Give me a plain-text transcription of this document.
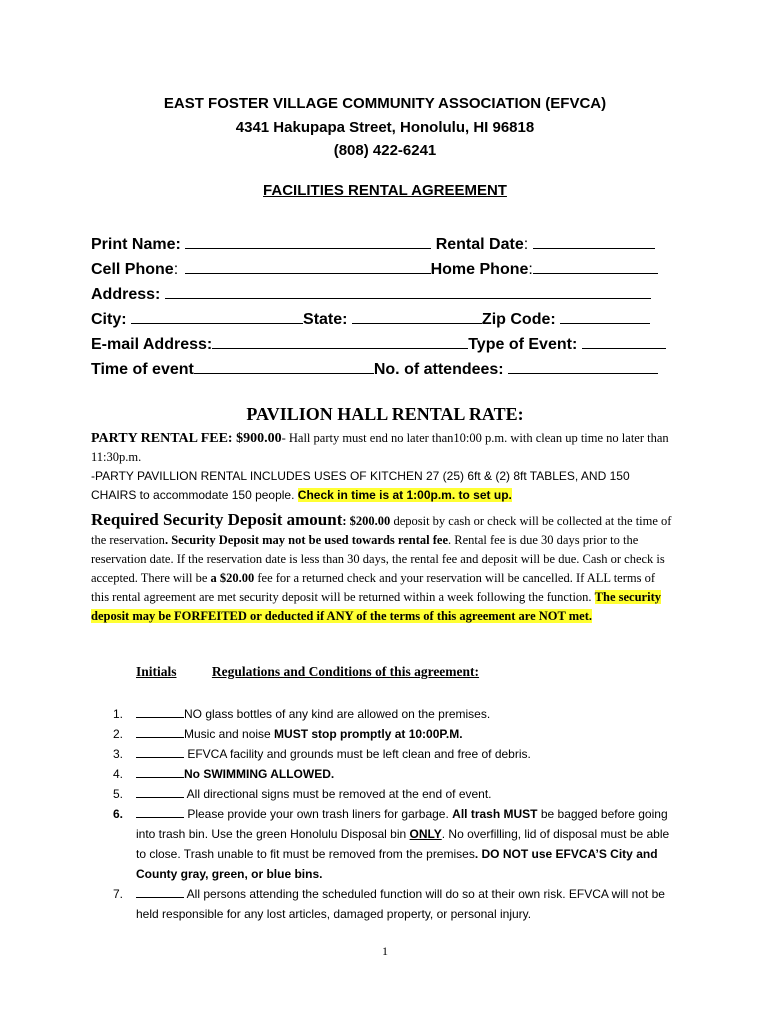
EAST FOSTER VILLAGE COMMUNITY ASSOCIATION (EFVCA)
4341 Hakupapa Street, Honolulu, HI 96818
(808) 422-6241
FACILITIES RENTAL AGREEMENT
Print Name:	Rental Date:
Cell Phone:	Home Phone:
Address:
City:	State:	Zip Code:
E-mail Address:	Type of Event:
Time of event	No. of attendees:
PAVILION HALL RENTAL RATE:
PARTY RENTAL FEE: $900.00- Hall party must end no later than10:00 p.m. with clean up time no later than 11:30p.m.
-PARTY PAVILLION RENTAL INCLUDES USES OF KITCHEN 27 (25) 6ft & (2) 8ft TABLES, AND 150 CHAIRS to accommodate 150 people. Check in time is at 1:00p.m. to set up.
Required Security Deposit amount: $200.00 deposit by cash or check will be collected at the time of the reservation. Security Deposit may not be used towards rental fee. Rental fee is due 30 days prior to the reservation date. If the reservation date is less than 30 days, the rental fee and deposit will be due. Cash or check is accepted. There will be a $20.00 fee for a returned check and your reservation will be cancelled. If ALL terms of this rental agreement are met security deposit will be returned within a week following the function. The security deposit may be FORFEITED or deducted if ANY of the terms of this agreement are NOT met.
Initials	Regulations and Conditions of this agreement:
1.	NO glass bottles of any kind are allowed on the premises.
2.	Music and noise MUST stop promptly at 10:00P.M.
3.	EFVCA facility and grounds must be left clean and free of debris.
4.	No SWIMMING ALLOWED.
5.	All directional signs must be removed at the end of event.
6.	Please provide your own trash liners for garbage. All trash MUST be bagged before going into trash bin. Use the green Honolulu Disposal bin ONLY. No overfilling, lid of disposal must be able to close. Trash unable to fit must be removed from the premises. DO NOT use EFVCA’S City and County gray, green, or blue bins.
7.	All persons attending the scheduled function will do so at their own risk. EFVCA will not be held responsible for any lost articles, damaged property, or personal injury.
1
